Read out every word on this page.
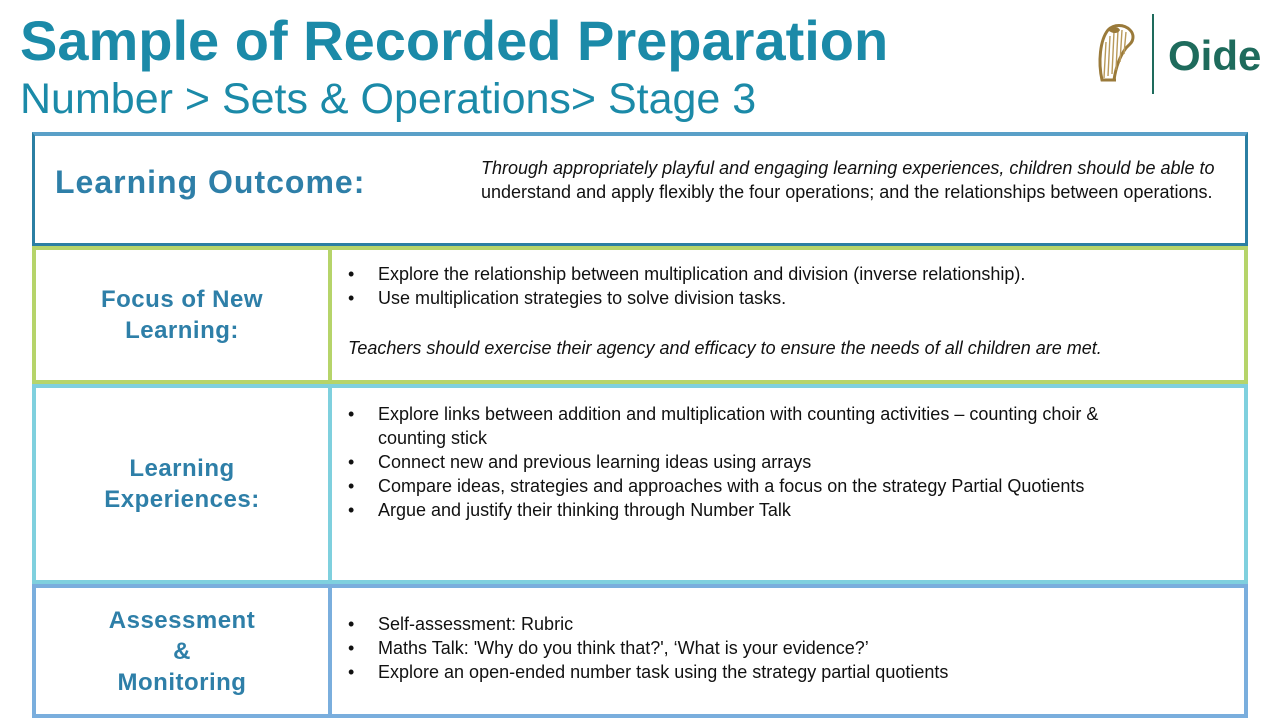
Sample of Recorded Preparation
Number > Sets & Operations> Stage 3
Oide
Learning Outcome:	Through appropriately playful and engaging learning experiences, children should be able to understand and apply flexibly the four operations; and the relationships between operations.
Focus of New
Learning:
• Explore the relationship between multiplication and division (inverse relationship).
• Use multiplication strategies to solve division tasks.
Teachers should exercise their agency and efficacy to ensure the needs of all children are met.
Learning
Experiences:
• Explore links between addition and multiplication with counting activities – counting choir & counting stick
• Connect new and previous learning ideas using arrays
• Compare ideas, strategies and approaches with a focus on the strategy Partial Quotients
• Argue and justify their thinking through Number Talk
Assessment
&
Monitoring
• Self-assessment: Rubric
• Maths Talk: 'Why do you think that?', ‘What is your evidence?’
• Explore an open-ended number task using the strategy partial quotients
